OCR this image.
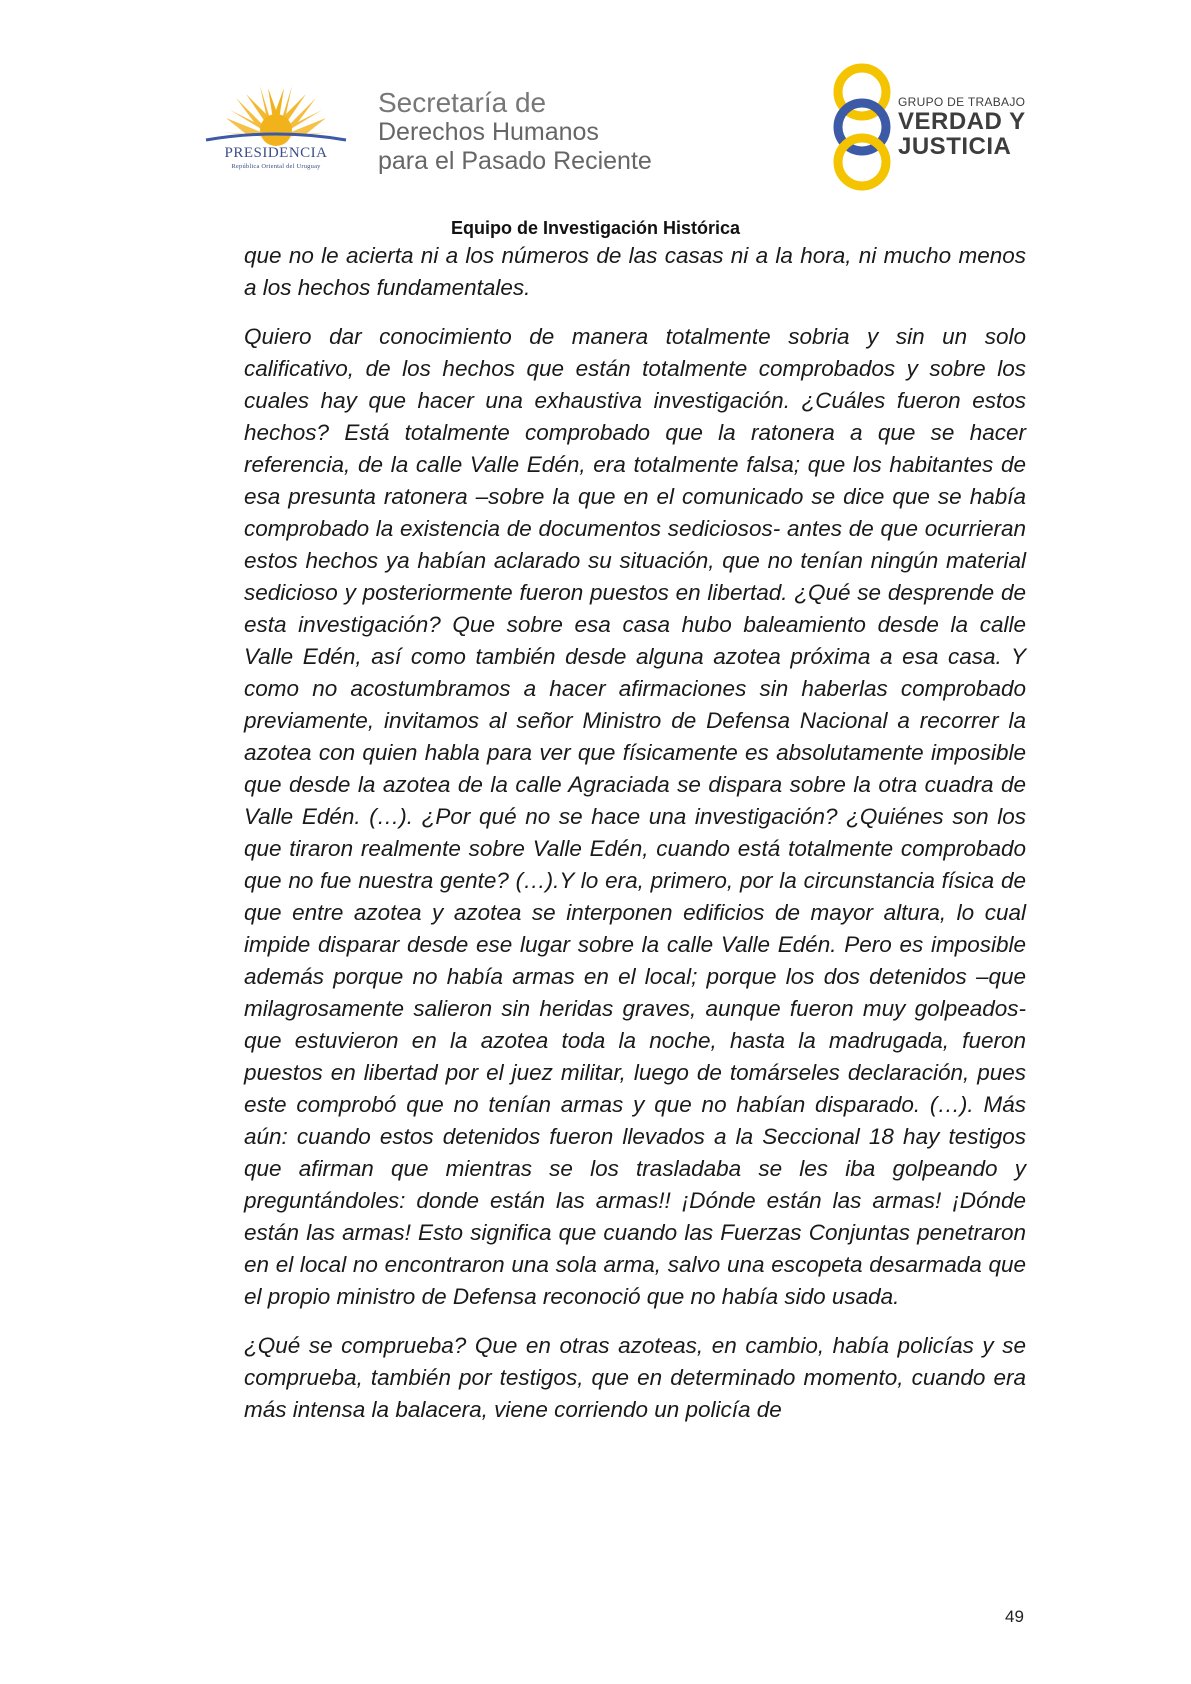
PRESIDENCIA
República Oriental del Uruguay
Secretaría de
Derechos Humanos
para el Pasado Reciente
GRUPO DE TRABAJO
VERDAD Y
JUSTICIA
Equipo de Investigación Histórica

que no le acierta ni a los números de las casas ni a la hora, ni mucho menos a los hechos fundamentales.

Quiero dar conocimiento de manera totalmente sobria y sin un solo calificativo, de los hechos que están totalmente comprobados y sobre los cuales hay que hacer una exhaustiva investigación. ¿Cuáles fueron estos hechos? Está totalmente comprobado que la ratonera a que se hacer referencia, de la calle Valle Edén, era totalmente falsa; que los habitantes de esa presunta ratonera –sobre la que en el comunicado se dice que se había comprobado la existencia de documentos sediciosos- antes de que ocurrieran estos hechos ya habían aclarado su situación, que no tenían ningún material sedicioso y posteriormente fueron puestos en libertad. ¿Qué se desprende de esta investigación? Que sobre esa casa hubo baleamiento desde la calle Valle Edén, así como también desde alguna azotea próxima a esa casa. Y como no acostumbramos a hacer afirmaciones sin haberlas comprobado previamente, invitamos al señor Ministro de Defensa Nacional a recorrer la azotea con quien habla para ver que físicamente es absolutamente imposible que desde la azotea de la calle Agraciada se dispara sobre la otra cuadra de Valle Edén. (…). ¿Por qué no se hace una investigación? ¿Quiénes son los que tiraron realmente sobre Valle Edén, cuando está totalmente comprobado que no fue nuestra gente? (…).Y lo era, primero, por la circunstancia física de que entre azotea y azotea se interponen edificios de mayor altura, lo cual impide disparar desde ese lugar sobre la calle Valle Edén. Pero es imposible además porque no había armas en el local; porque los dos detenidos –que milagrosamente salieron sin heridas graves, aunque fueron muy golpeados- que estuvieron en la azotea toda la noche, hasta la madrugada, fueron puestos en libertad por el juez militar, luego de tomárseles declaración, pues este comprobó que no tenían armas y que no habían disparado. (…). Más aún: cuando estos detenidos fueron llevados a la Seccional 18 hay testigos que afirman que mientras se los trasladaba se les iba golpeando y preguntándoles: donde están las armas!! ¡Dónde están las armas! ¡Dónde están las armas! Esto significa que cuando las Fuerzas Conjuntas penetraron en el local no encontraron una sola arma, salvo una escopeta desarmada que el propio ministro de Defensa reconoció que no había sido usada.

¿Qué se comprueba? Que en otras azoteas, en cambio, había policías y se comprueba, también por testigos, que en determinado momento, cuando era más intensa la balacera, viene corriendo un policía de

49
